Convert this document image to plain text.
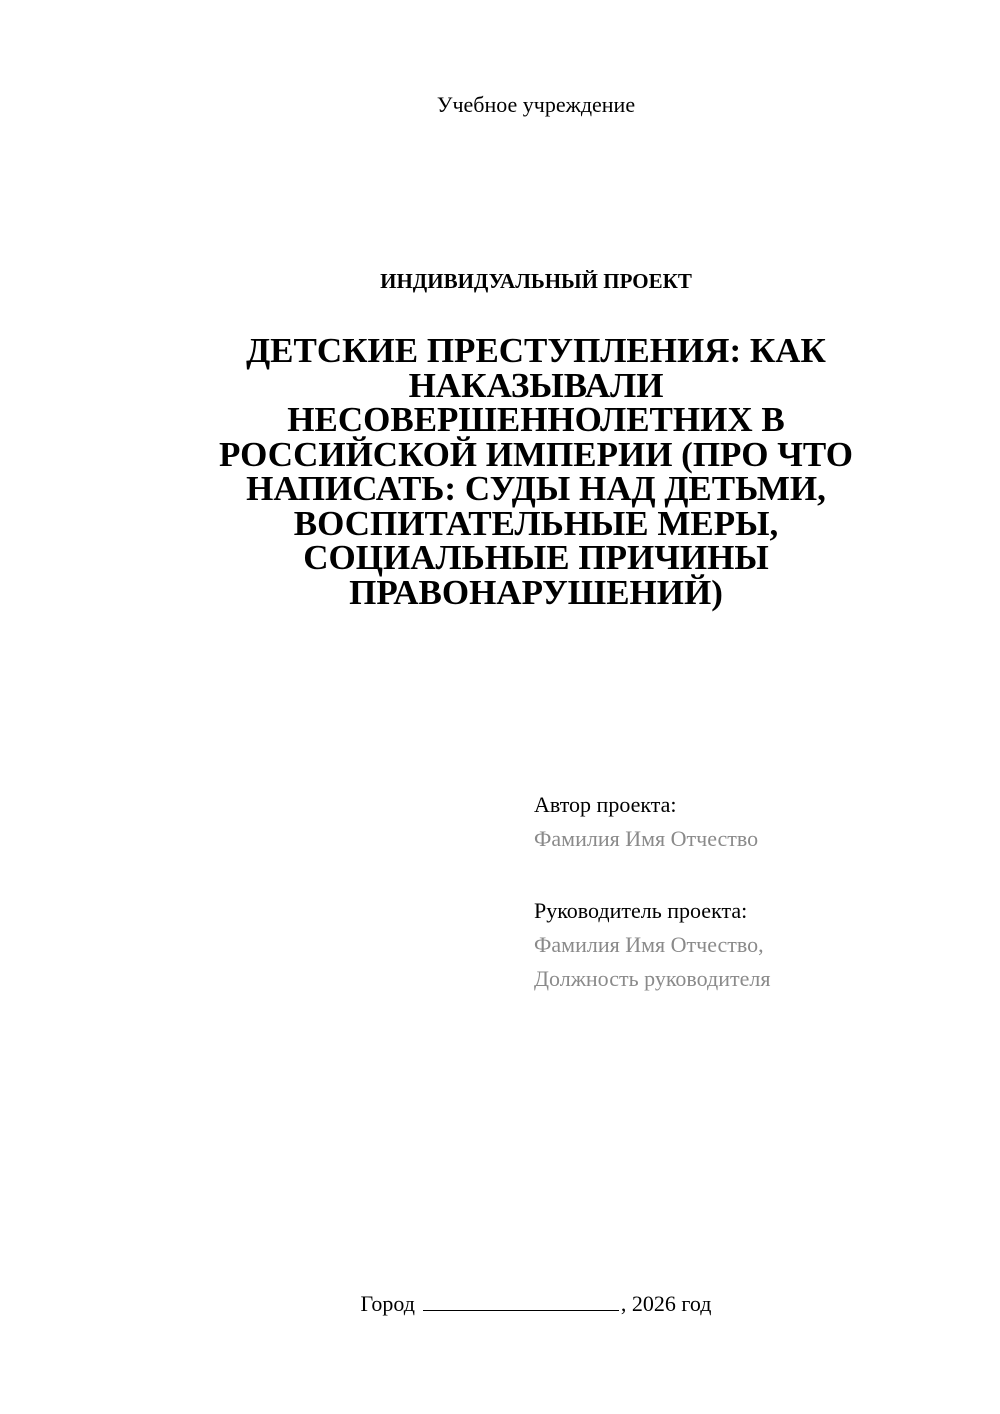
Учебное учреждение
ИНДИВИДУАЛЬНЫЙ ПРОЕКТ
ДЕТСКИЕ ПРЕСТУПЛЕНИЯ: КАК
НАКАЗЫВАЛИ
НЕСОВЕРШЕННОЛЕТНИХ В
РОССИЙСКОЙ ИМПЕРИИ (ПРО ЧТО
НАПИСАТЬ: СУДЫ НАД ДЕТЬМИ,
ВОСПИТАТЕЛЬНЫЕ МЕРЫ,
СОЦИАЛЬНЫЕ ПРИЧИНЫ
ПРАВОНАРУШЕНИЙ)
Автор проекта:
Фамилия Имя Отчество
Руководитель проекта:
Фамилия Имя Отчество,
Должность руководителя
Город	, 2026 год
